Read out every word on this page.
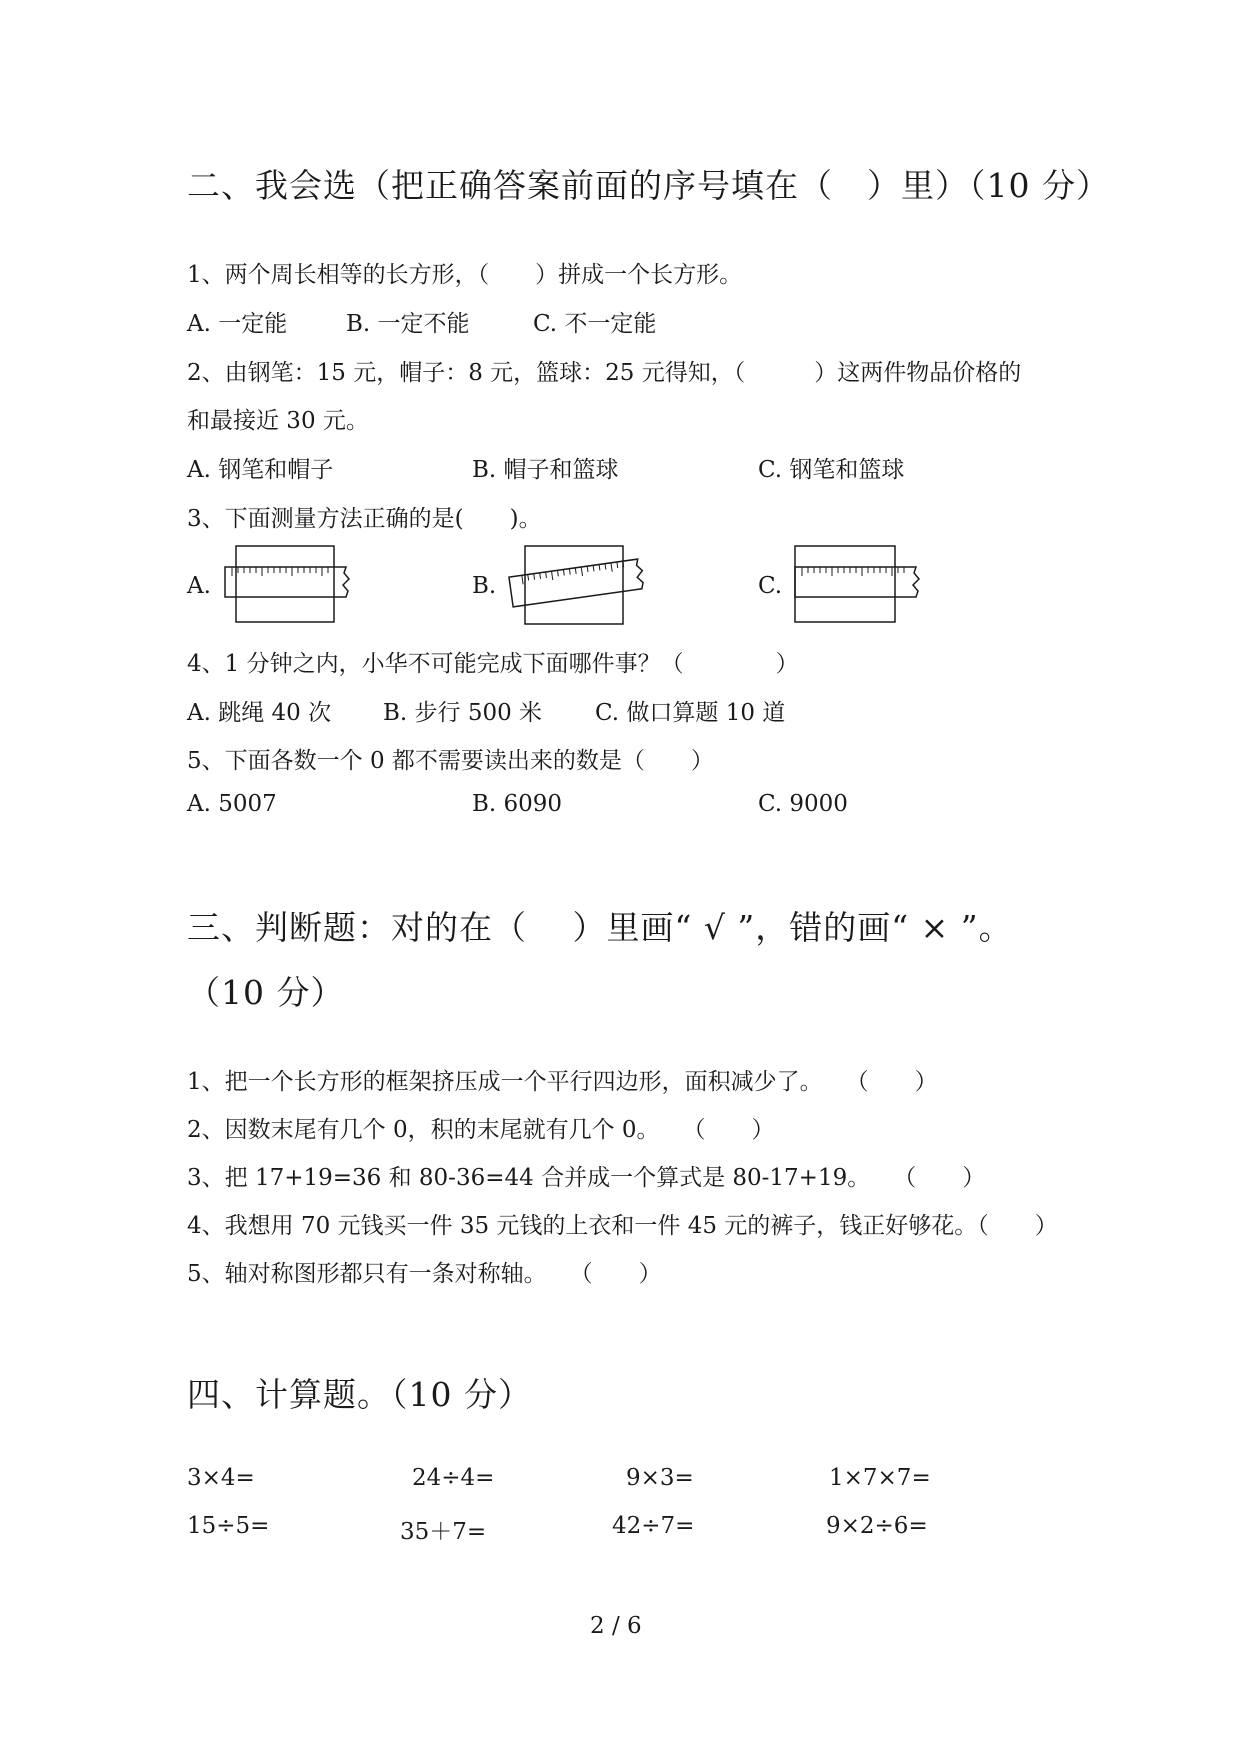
二、我会选（把正确答案前面的序号填在（　）里）（10 分）
1、两个周长相等的长方形，（　　）拼成一个长方形。
A. 一定能	B. 一定不能	C. 不一定能
2、由钢笔：15 元，帽子：8 元，篮球：25 元得知，（　　　）这两件物品价格的
和最接近 30 元。
A. 钢笔和帽子	B. 帽子和篮球	C. 钢笔和篮球
3、下面测量方法正确的是(　　)。
A.	B.	C.
4、1 分钟之内，小华不可能完成下面哪件事？（　　　　）
A. 跳绳 40 次 B. 步行 500 米 C. 做口算题 10 道
5、下面各数一个 0 都不需要读出来的数是（　　）
A. 5007	B. 6090	C. 9000
三、判断题：对的在（　 ）里画“ √ ”，错的画“ × ”。
（10 分）
1、把一个长方形的框架挤压成一个平行四边形，面积减少了。　　（　　）
2、因数末尾有几个 0，积的末尾就有几个 0。　　（　　）
3、把 17+19=36 和 80-36=44 合并成一个算式是 80-17+19。　　（　　）
4、我想用 70 元钱买一件 35 元钱的上衣和一件 45 元的裤子，钱正好够花。（　　）
5、轴对称图形都只有一条对称轴。　　（　　）
四、计算题。（10 分）
3×4=	24÷4=	9×3=	1×7×7=
15÷5=	35＋7=	42÷7=	9×2÷6=
2 / 6
